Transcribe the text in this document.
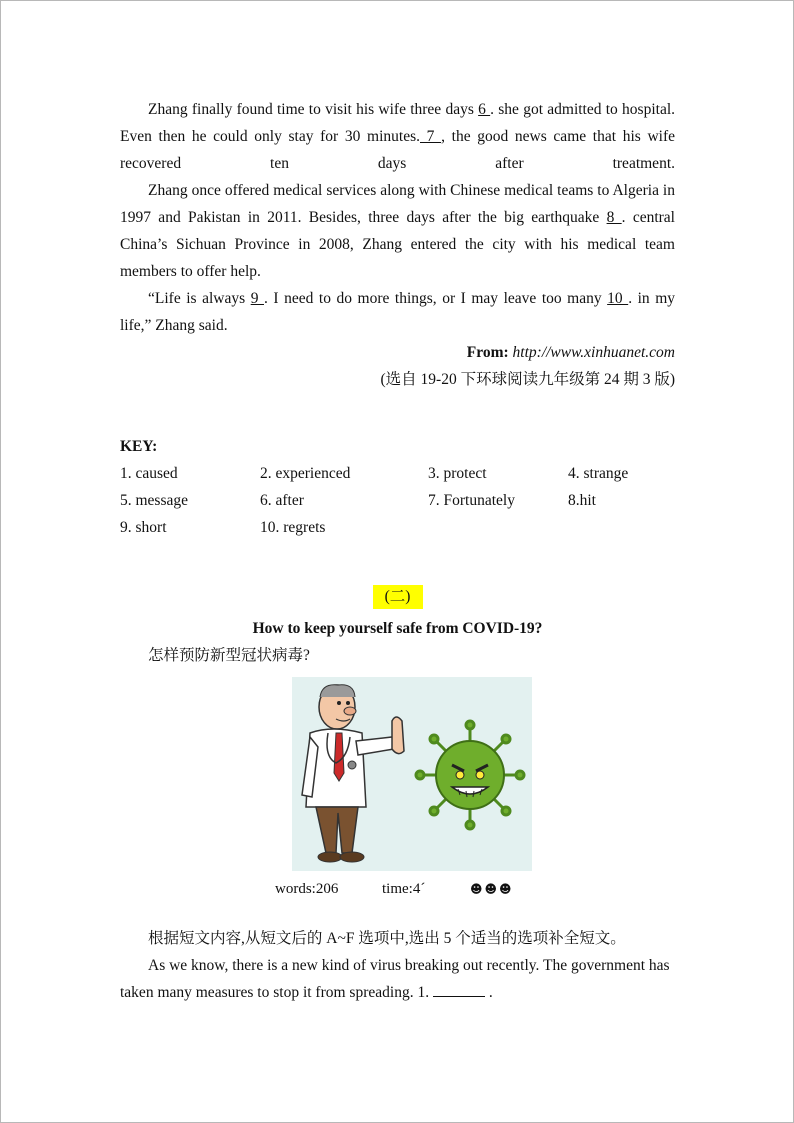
Zhang finally found time to visit his wife three days 6 . she got admitted to hospital. Even then he could only stay for 30 minutes. 7 , the good news came that his wife recovered ten days after treatment.

Zhang once offered medical services along with Chinese medical teams to Algeria in 1997 and Pakistan in 2011. Besides, three days after the big earthquake 8 . central China’s Sichuan Province in 2008, Zhang entered the city with his medical team members to offer help.

“Life is always 9 . I need to do more things, or I may leave too many 10 . in my life,” Zhang said.

From: http://www.xinhuanet.com

(选自 19-20 下环球阅读九年级第 24 期 3 版)

KEY:

1. caused	2. experienced	3. protect	4. strange
5. message	6. after	7. Fortunately	8.hit
9. short	10. regrets
(二)

How to keep yourself safe from COVID-19?

怎样预防新型冠状病毒?

words:206	time:4´	☻☻☻

根据短文内容,从短文后的 A~F 选项中,选出 5 个适当的选项补全短文。

As we know, there is a new kind of virus breaking out recently. The government has taken many measures to stop it from spreading. 1.	.
